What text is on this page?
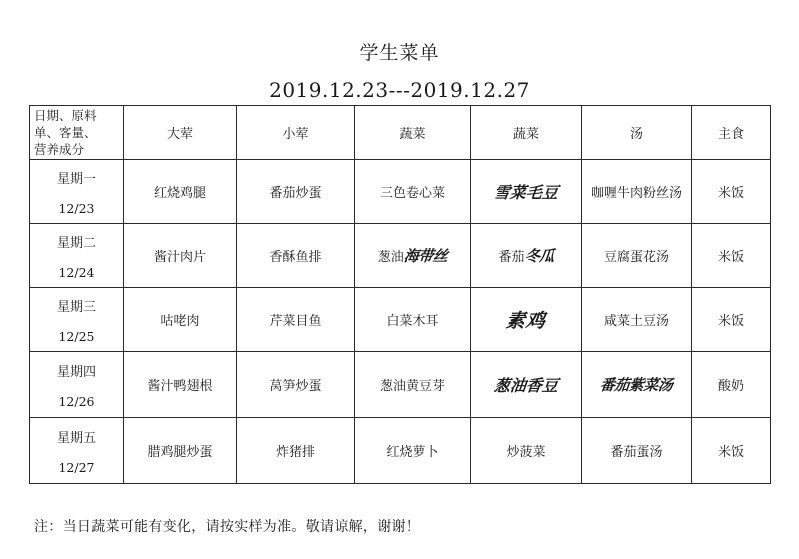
学生菜单
2019.12.23---2019.12.27
日期、原料
单、客量、
营养成分	大荤	小荤	蔬菜	蔬菜	汤	主食

星期一
12/23	红烧鸡腿	番茄炒蛋	三色卷心菜	雪菜毛豆	咖喱牛肉粉丝汤	米饭

星期二
12/24	酱汁肉片	香酥鱼排	葱油海带丝	番茄冬瓜	豆腐蛋花汤	米饭

星期三
12/25	咕咾肉	芹菜目鱼	白菜木耳	素鸡	咸菜土豆汤	米饭

星期四
12/26	酱汁鸭翅根	莴笋炒蛋	葱油黄豆芽	葱油香豆	番茄紫菜汤	酸奶

星期五
12/27	腊鸡腿炒蛋	炸猪排	红烧萝卜	炒菠菜	番茄蛋汤	米饭
注：当日蔬菜可能有变化，请按实样为准。敬请谅解，谢谢！
